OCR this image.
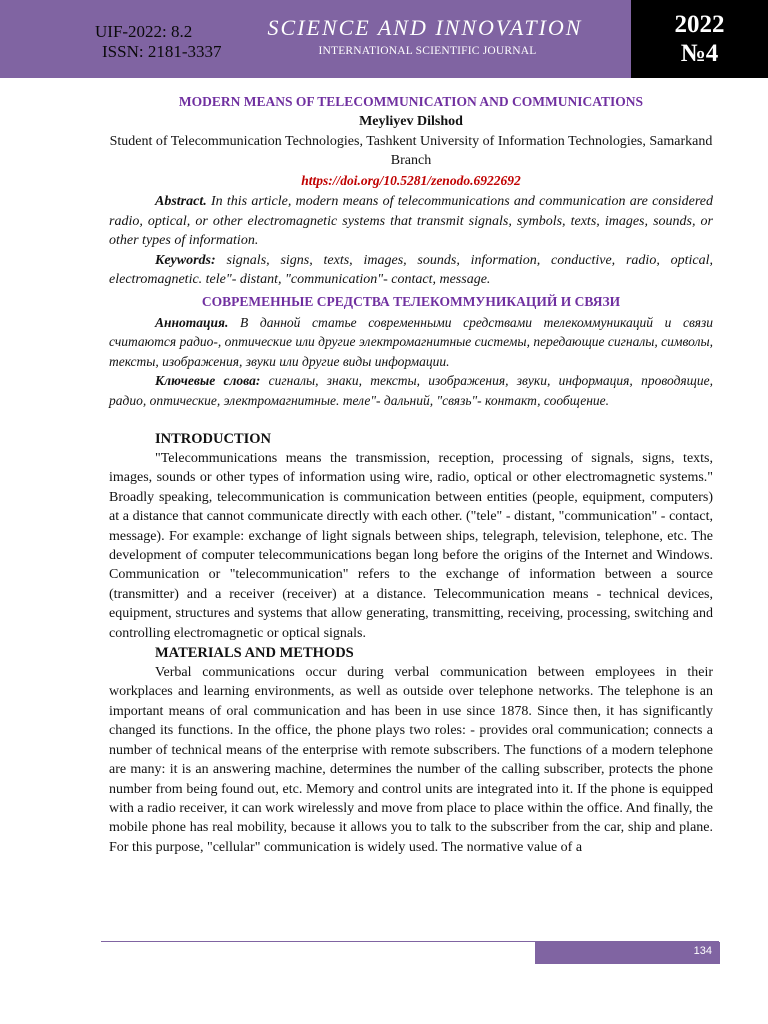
UIF-2022: 8.2
ISSN: 2181-3337
SCIENCE AND INNOVATION
INTERNATIONAL SCIENTIFIC JOURNAL
2022
№4

MODERN MEANS OF TELECOMMUNICATION AND COMMUNICATIONS

Meyliyev Dilshod

Student of Telecommunication Technologies, Tashkent University of Information Technologies, Samarkand Branch

https://doi.org/10.5281/zenodo.6922692

Abstract. In this article, modern means of telecommunications and communication are considered radio, optical, or other electromagnetic systems that transmit signals, symbols, texts, images, sounds, or other types of information.

Keywords: signals, signs, texts, images, sounds, information, conductive, radio, optical, electromagnetic. tele"- distant, "communication"- contact, message.

СОВРЕМЕННЫЕ СРЕДСТВА ТЕЛЕКОММУНИКАЦИЙ И СВЯЗИ

Аннотация. В данной статье современными средствами телекоммуникаций и связи считаются радио-, оптические или другие электромагнитные системы, передающие сигналы, символы, тексты, изображения, звуки или другие виды информации.

Ключевые слова: сигналы, знаки, тексты, изображения, звуки, информация, проводящие, радио, оптические, электромагнитные. теле"- дальний, "связь"- контакт, сообщение.

INTRODUCTION

"Telecommunications means the transmission, reception, processing of signals, signs, texts, images, sounds or other types of information using wire, radio, optical or other electromagnetic systems." Broadly speaking, telecommunication is communication between entities (people, equipment, computers) at a distance that cannot communicate directly with each other. ("tele" - distant, "communication" - contact, message). For example: exchange of light signals between ships, telegraph, television, telephone, etc. The development of computer telecommunications began long before the origins of the Internet and Windows. Communication or "telecommunication" refers to the exchange of information between a source (transmitter) and a receiver (receiver) at a distance. Telecommunication means - technical devices, equipment, structures and systems that allow generating, transmitting, receiving, processing, switching and controlling electromagnetic or optical signals.

MATERIALS AND METHODS

Verbal communications occur during verbal communication between employees in their workplaces and learning environments, as well as outside over telephone networks. The telephone is an important means of oral communication and has been in use since 1878. Since then, it has significantly changed its functions. In the office, the phone plays two roles: - provides oral communication; connects a number of technical means of the enterprise with remote subscribers. The functions of a modern telephone are many: it is an answering machine, determines the number of the calling subscriber, protects the phone number from being found out, etc. Memory and control units are integrated into it. If the phone is equipped with a radio receiver, it can work wirelessly and move from place to place within the office. And finally, the mobile phone has real mobility, because it allows you to talk to the subscriber from the car, ship and plane. For this purpose, "cellular" communication is widely used. The normative value of a

134
